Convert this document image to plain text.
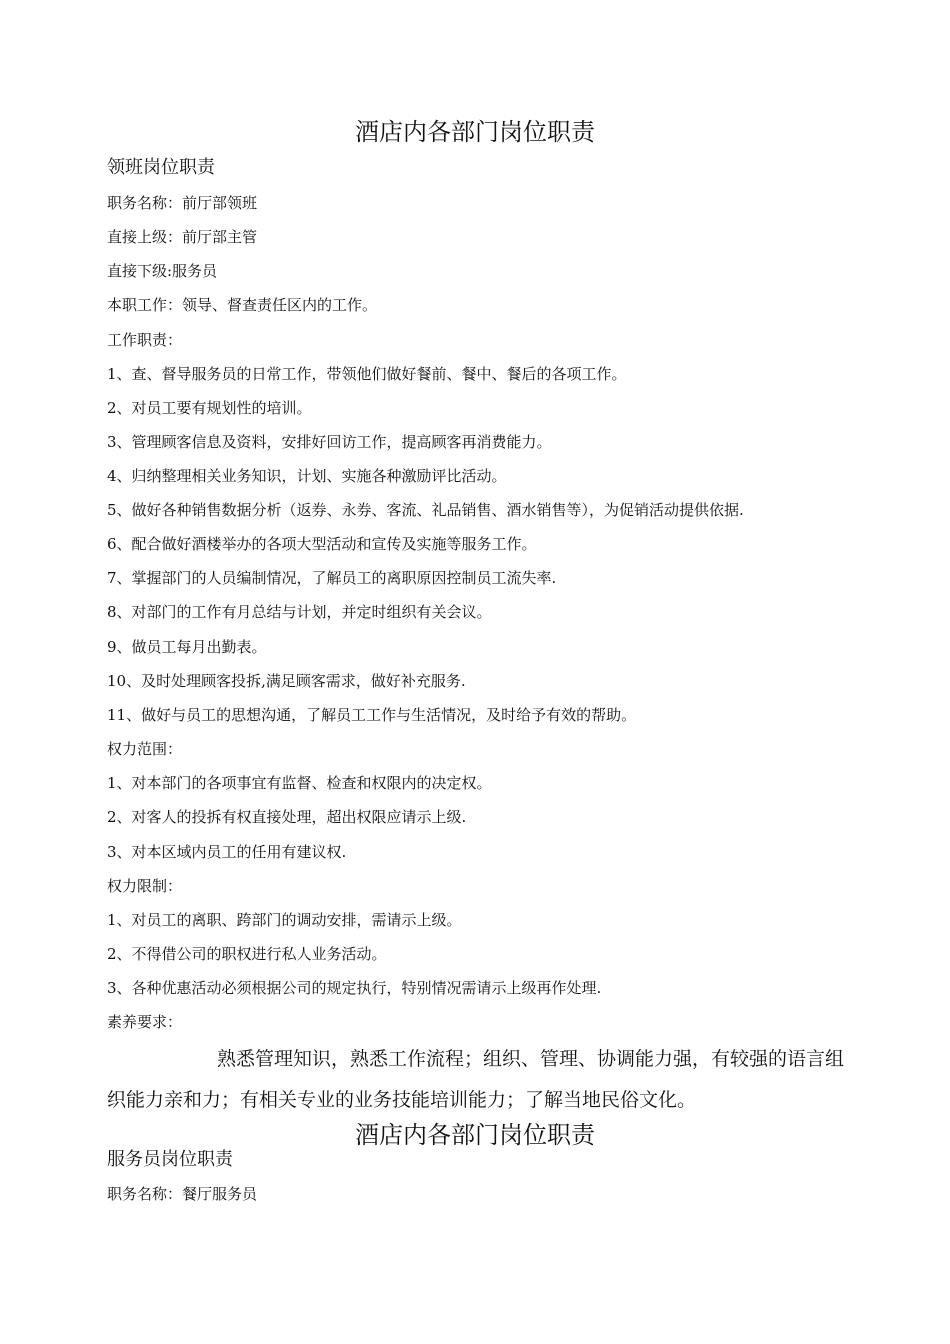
酒店内各部门岗位职责
领班岗位职责
职务名称：前厅部领班
直接上级：前厅部主管
直接下级:服务员
本职工作：领导、督查责任区内的工作。
工作职责：
1、查、督导服务员的日常工作，带领他们做好餐前、餐中、餐后的各项工作。
2、对员工要有规划性的培训。
3、管理顾客信息及资料，安排好回访工作，提高顾客再消费能力。
4、归纳整理相关业务知识，计划、实施各种激励评比活动。
5、做好各种销售数据分析（返券、永券、客流、礼品销售、酒水销售等），为促销活动提供依据.
6、配合做好酒楼举办的各项大型活动和宣传及实施等服务工作。
7、掌握部门的人员编制情况，了解员工的离职原因控制员工流失率.
8、对部门的工作有月总结与计划，并定时组织有关会议。
9、做员工每月出勤表。
10、及时处理顾客投拆,满足顾客需求，做好补充服务.
11、做好与员工的思想沟通，了解员工工作与生活情况，及时给予有效的帮助。
权力范围：
1、对本部门的各项事宜有监督、检查和权限内的决定权。
2、对客人的投拆有权直接处理，超出权限应请示上级.
3、对本区域内员工的任用有建议权.
权力限制：
1、对员工的离职、跨部门的调动安排，需请示上级。
2、不得借公司的职权进行私人业务活动。
3、各种优惠活动必须根据公司的规定执行，特别情况需请示上级再作处理.
素养要求：
熟悉管理知识，熟悉工作流程；组织、管理、协调能力强，有较强的语言组
织能力亲和力；有相关专业的业务技能培训能力；了解当地民俗文化。
酒店内各部门岗位职责
服务员岗位职责
职务名称：餐厅服务员
